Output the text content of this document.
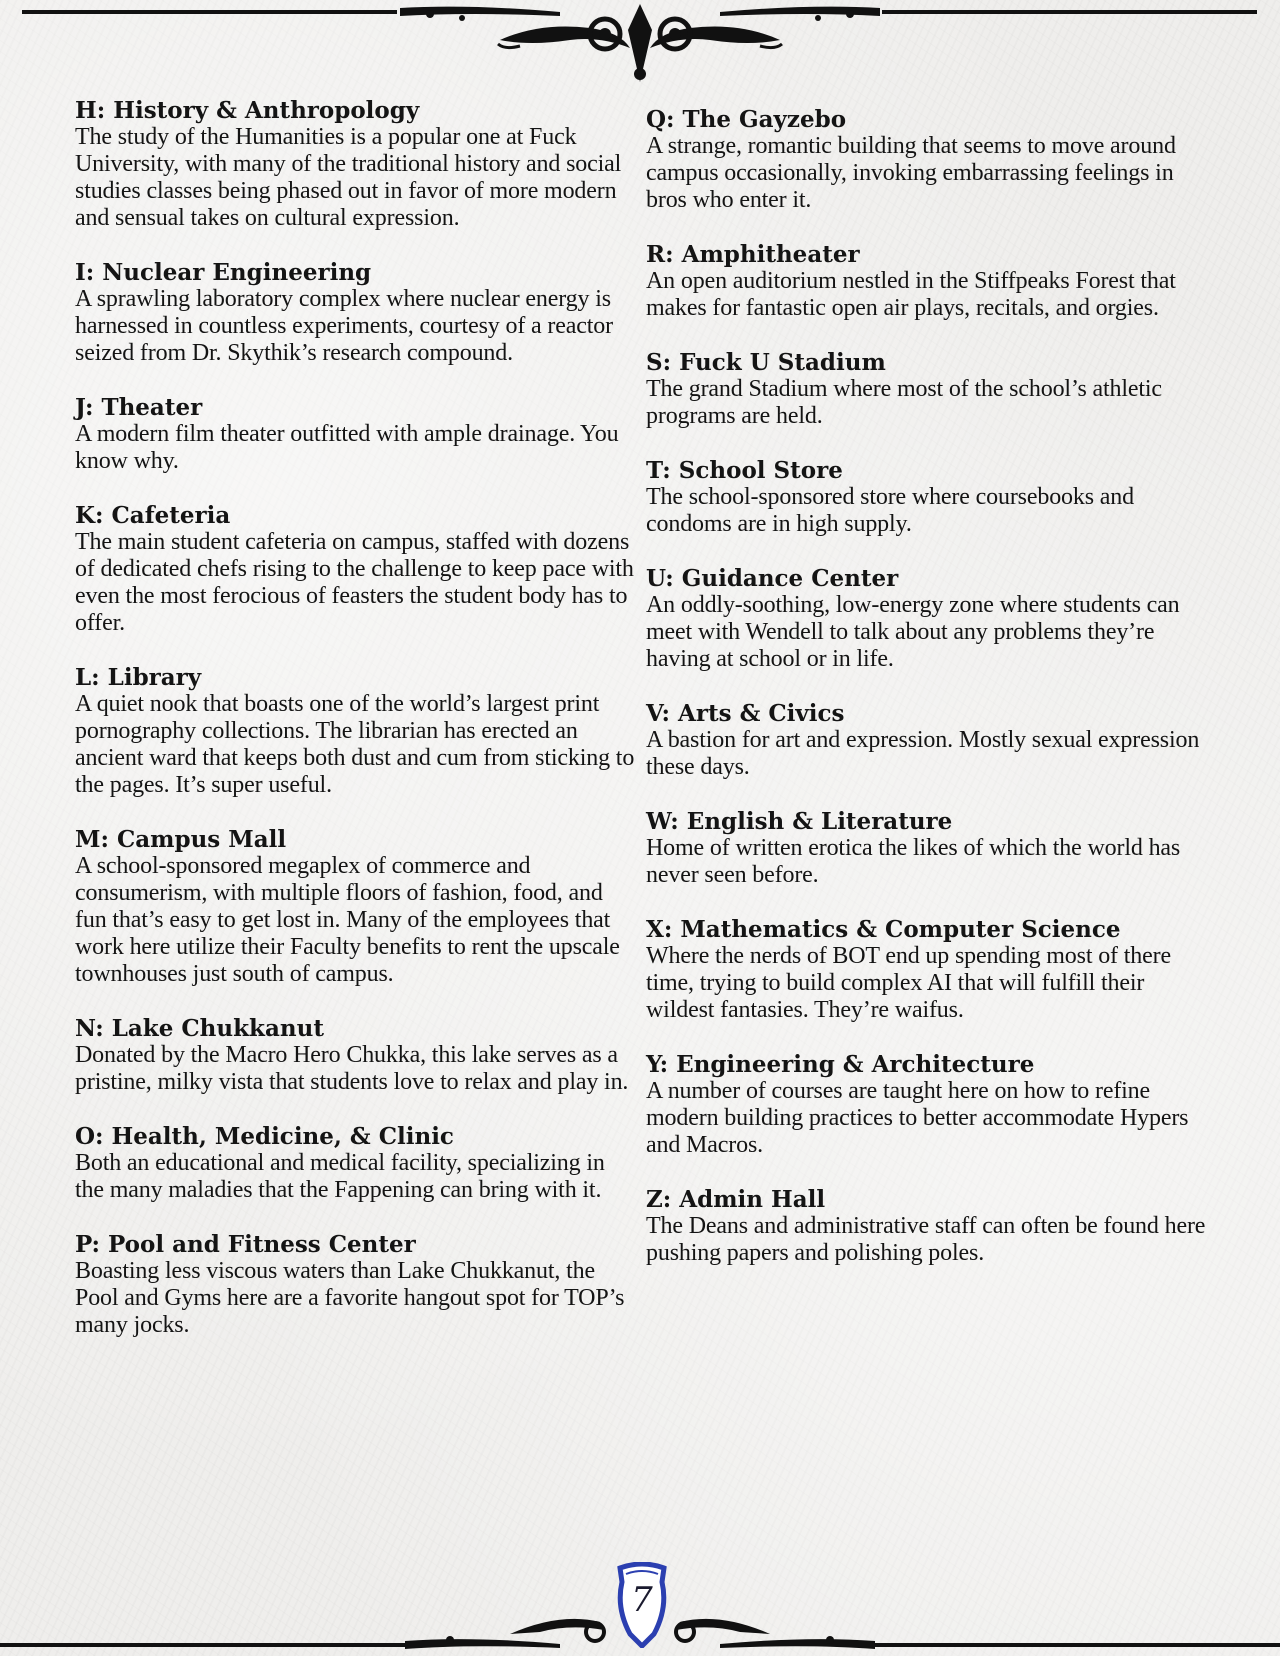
H: History & Anthropology

The study of the Humanities is a popular one at Fuck University, with many of the traditional history and social studies classes being phased out in favor of more modern and sensual takes on cultural expression.

I: Nuclear Engineering

A sprawling laboratory complex where nuclear energy is harnessed in countless experiments, courtesy of a reactor seized from Dr. Skythik’s research compound.

J: Theater

A modern film theater outfitted with ample drainage. You know why.

K: Cafeteria

The main student cafeteria on campus, staffed with dozens of dedicated chefs rising to the challenge to keep pace with even the most ferocious of feasters the student body has to offer.

L: Library

A quiet nook that boasts one of the world’s largest print pornography collections. The librarian has erected an ancient ward that keeps both dust and cum from sticking to the pages. It’s super useful.

M: Campus Mall

A school-sponsored megaplex of commerce and consumerism, with multiple floors of fashion, food, and fun that’s easy to get lost in. Many of the employees that work here utilize their Faculty benefits to rent the upscale townhouses just south of campus.

N: Lake Chukkanut

Donated by the Macro Hero Chukka, this lake serves as a pristine, milky vista that students love to relax and play in.

O: Health, Medicine, & Clinic

Both an educational and medical facility, specializing in the many maladies that the Fappening can bring with it.

P: Pool and Fitness Center

Boasting less viscous waters than Lake Chukkanut, the Pool and Gyms here are a favorite hangout spot for TOP’s many jocks.

Q: The Gayzebo

A strange, romantic building that seems to move around campus occasionally, invoking embarrassing feelings in bros who enter it.

R: Amphitheater

An open auditorium nestled in the Stiffpeaks Forest that makes for fantastic open air plays, recitals, and orgies.

S: Fuck U Stadium

The grand Stadium where most of the school’s athletic programs are held.

T: School Store

The school-sponsored store where coursebooks and condoms are in high supply.

U: Guidance Center

An oddly-soothing, low-energy zone where students can meet with Wendell to talk about any problems they’re having at school or in life.

V: Arts & Civics

A bastion for art and expression. Mostly sexual expression these days.

W: English & Literature

Home of written erotica the likes of which the world has never seen before.

X: Mathematics & Computer Science

Where the nerds of BOT end up spending most of there time, trying to build complex AI that will fulfill their wildest fantasies. They’re waifus.

Y: Engineering & Architecture

A number of courses are taught here on how to refine modern building practices to better accommodate Hypers and Macros.

Z: Admin Hall

The Deans and administrative staff can often be found here pushing papers and polishing poles.

7
